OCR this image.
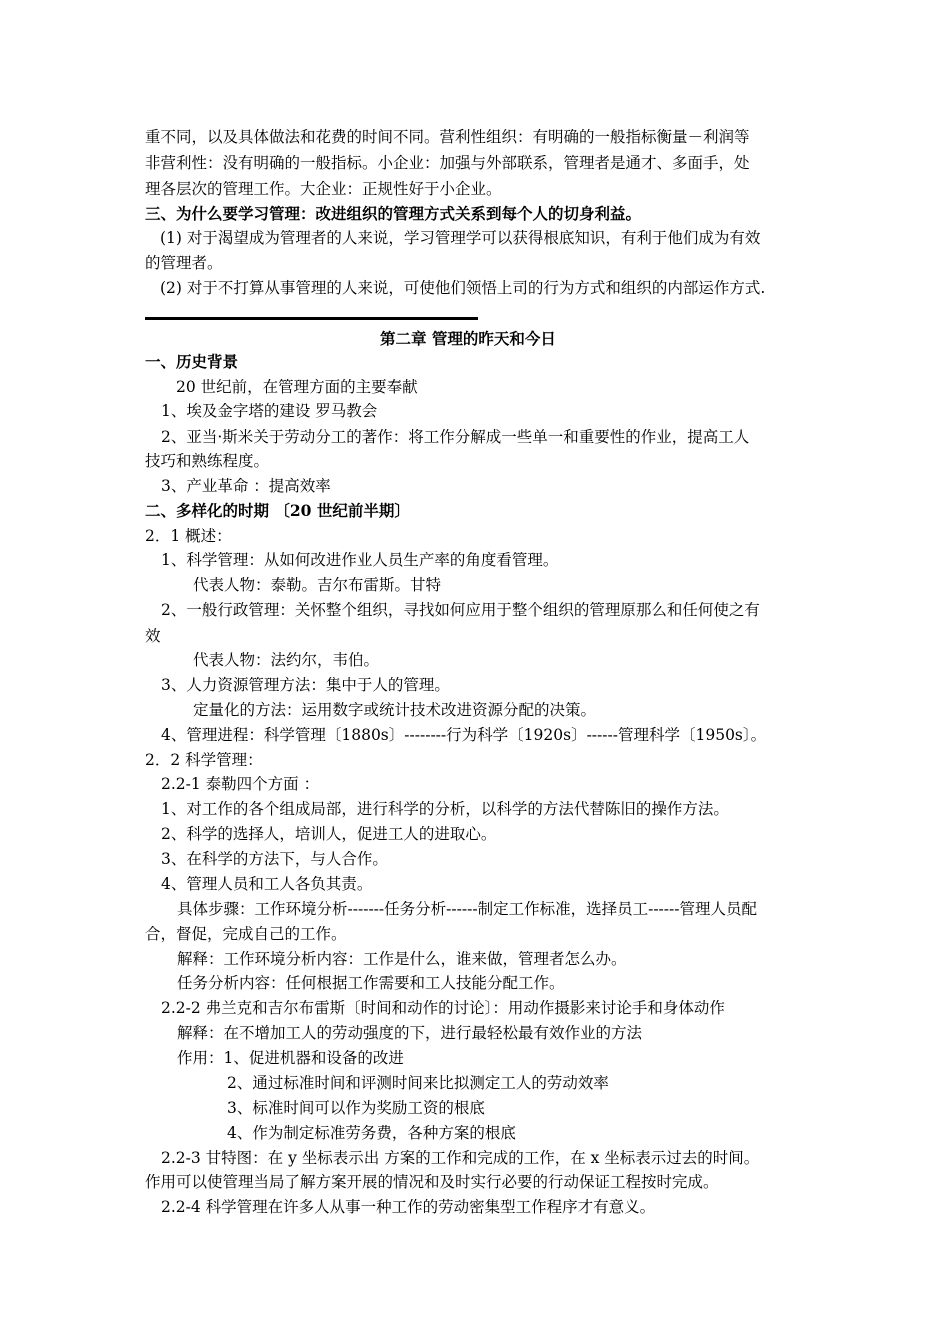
重不同，以及具体做法和花费的时间不同。营利性组织：有明确的一般指标衡量－利润等
非营利性：没有明确的一般指标。小企业：加强与外部联系，管理者是通才、多面手，处
理各层次的管理工作。大企业：正规性好于小企业。
三、为什么要学习管理：改进组织的管理方式关系到每个人的切身利益。
(1) 对于渴望成为管理者的人来说，学习管理学可以获得根底知识，有利于他们成为有效
的管理者。
(2) 对于不打算从事管理的人来说，可使他们领悟上司的行为方式和组织的内部运作方式.
第二章 管理的昨天和今日
一、历史背景
20 世纪前，在管理方面的主要奉献
1、埃及金字塔的建设 罗马教会
2、亚当·斯米关于劳动分工的著作：将工作分解成一些单一和重要性的作业，提高工人
技巧和熟练程度。
3、产业革命 ：提高效率
二、多样化的时期 〔20 世纪前半期〕
2．1 概述：
1、科学管理：从如何改进作业人员生产率的角度看管理。
代表人物：泰勒。吉尔布雷斯。甘特
2、一般行政管理：关怀整个组织，寻找如何应用于整个组织的管理原那么和任何使之有
效
代表人物：法约尔，韦伯。
3、人力资源管理方法：集中于人的管理。
定量化的方法：运用数字或统计技术改进资源分配的决策。
4、管理进程：科学管理〔1880s〕--------行为科学〔1920s〕------管理科学〔1950s〕。
2．2 科学管理：
2.2-1 泰勒四个方面 ：
1、对工作的各个组成局部，进行科学的分析，以科学的方法代替陈旧的操作方法。
2、科学的选择人，培训人，促进工人的进取心。
3、在科学的方法下，与人合作。
4、管理人员和工人各负其责。
具体步骤：工作环境分析-------任务分析------制定工作标准，选择员工------管理人员配
合，督促，完成自己的工作。
解释：工作环境分析内容：工作是什么，谁来做，管理者怎么办。
任务分析内容：任何根据工作需要和工人技能分配工作。
2.2-2 弗兰克和吉尔布雷斯〔时间和动作的讨论〕：用动作摄影来讨论手和身体动作
解释：在不增加工人的劳动强度的下，进行最轻松最有效作业的方法
作用：1、促进机器和设备的改进
2、通过标准时间和评测时间来比拟测定工人的劳动效率
3、标准时间可以作为奖励工资的根底
4、作为制定标准劳务费，各种方案的根底
2.2-3 甘特图：在 y 坐标表示出 方案的工作和完成的工作，在 x 坐标表示过去的时间。
作用可以使管理当局了解方案开展的情况和及时实行必要的行动保证工程按时完成。
2.2-4 科学管理在许多人从事一种工作的劳动密集型工作程序才有意义。
